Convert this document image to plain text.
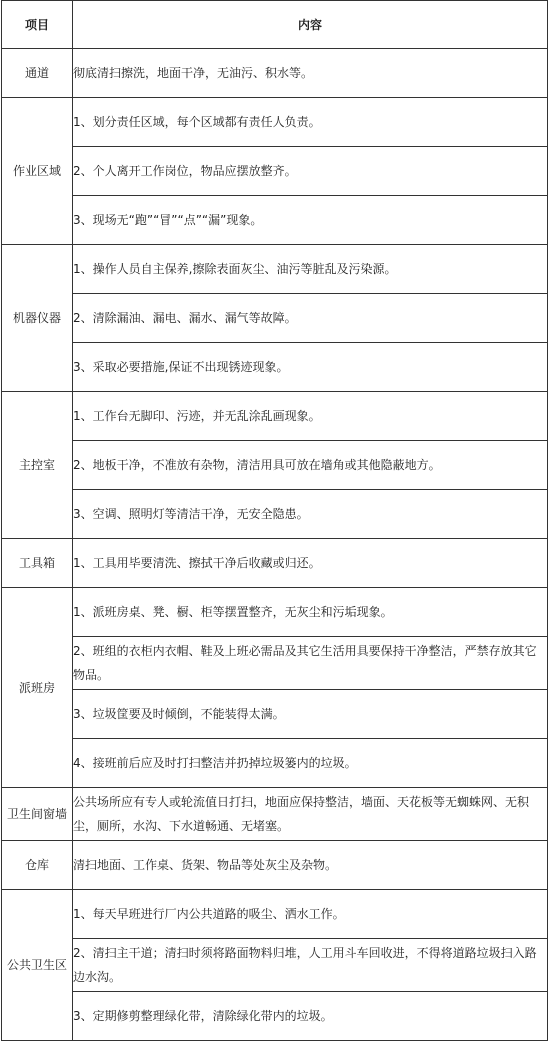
项目	内容
通道	彻底清扫擦洗，地面干净，无油污、积水等。
作业区域	1、划分责任区域，每个区域都有责任人负责。
	2、个人离开工作岗位，物品应摆放整齐。
	3、现场无“跑”“冒”“点”“漏”现象。
机器仪器	1、操作人员自主保养,擦除表面灰尘、油污等脏乱及污染源。
	2、清除漏油、漏电、漏水、漏气等故障。
	3、采取必要措施,保证不出现锈迹现象。
主控室	1、工作台无脚印、污迹，并无乱涂乱画现象。
	2、地板干净，不准放有杂物，清洁用具可放在墙角或其他隐蔽地方。
	3、空调、照明灯等清洁干净，无安全隐患。
工具箱	1、工具用毕要清洗、擦拭干净后收藏或归还。
派班房	1、派班房桌、凳、橱、柜等摆置整齐，无灰尘和污垢现象。
	2、班组的衣柜内衣帽、鞋及上班必需品及其它生活用具要保持干净整洁，严禁存放其它物品。
	3、垃圾筐要及时倾倒，不能装得太满。
	4、接班前后应及时打扫整洁并扔掉垃圾篓内的垃圾。
卫生间窗墙	公共场所应有专人或轮流值日打扫，地面应保持整洁，墙面、天花板等无蜘蛛网、无积尘，厕所，水沟、下水道畅通、无堵塞。
仓库	清扫地面、工作桌、货架、物品等处灰尘及杂物。
公共卫生区	1、每天早班进行厂内公共道路的吸尘、洒水工作。
	2、清扫主干道；清扫时须将路面物料归堆，人工用斗车回收进，不得将道路垃圾扫入路边水沟。
	3、定期修剪整理绿化带，清除绿化带内的垃圾。
